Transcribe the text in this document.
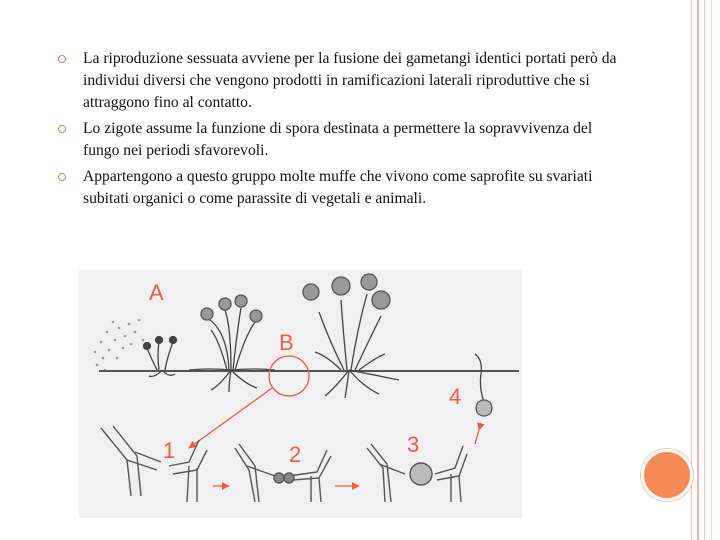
La riproduzione sessuata avviene per la fusione dei gametangi identici portati però da individui diversi che vengono prodotti in ramificazioni laterali riproduttive che si attraggono fino al contatto.
Lo zigote assume la funzione di spora destinata a permettere la sopravvivenza del fungo nei periodi sfavorevoli.
Appartengono a questo gruppo molte muffe che vivono come saprofite su svariati subitati organici o come parassite di vegetali e animali.
A
B
4
1	2	3
